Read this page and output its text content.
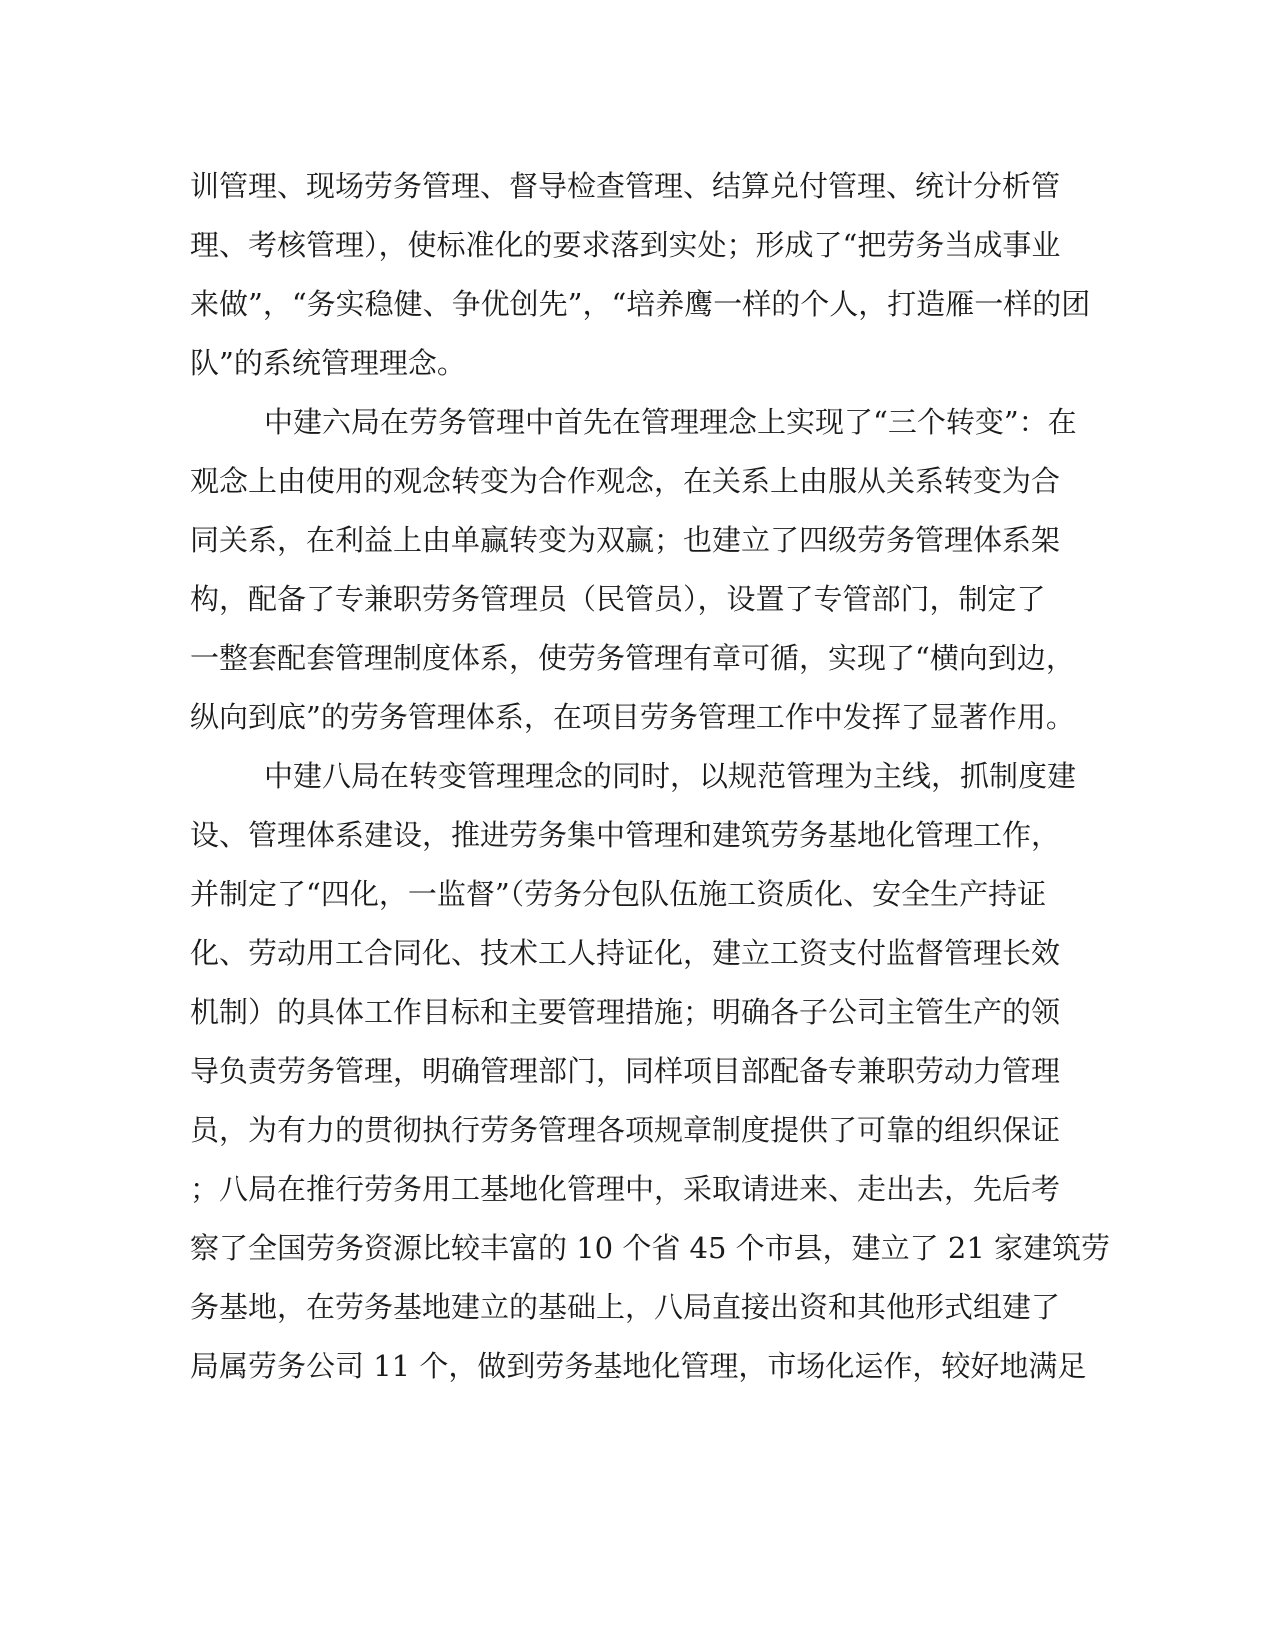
训管理、现场劳务管理、督导检查管理、结算兑付管理、统计分析管
理、考核管理），使标准化的要求落到实处；形成了“把劳务当成事业
来做”，“务实稳健、争优创先”，“培养鹰一样的个人，打造雁一样的团
队”的系统管理理念。
中建六局在劳务管理中首先在管理理念上实现了“三个转变”：在
观念上由使用的观念转变为合作观念，在关系上由服从关系转变为合
同关系，在利益上由单赢转变为双赢；也建立了四级劳务管理体系架
构，配备了专兼职劳务管理员（民管员），设置了专管部门，制定了
一整套配套管理制度体系，使劳务管理有章可循，实现了“横向到边，
纵向到底”的劳务管理体系，在项目劳务管理工作中发挥了显著作用。
中建八局在转变管理理念的同时，以规范管理为主线，抓制度建
设、管理体系建设，推进劳务集中管理和建筑劳务基地化管理工作，
并制定了“四化，一监督”（劳务分包队伍施工资质化、安全生产持证
化、劳动用工合同化、技术工人持证化，建立工资支付监督管理长效
机制）的具体工作目标和主要管理措施；明确各子公司主管生产的领
导负责劳务管理，明确管理部门，同样项目部配备专兼职劳动力管理
员，为有力的贯彻执行劳务管理各项规章制度提供了可靠的组织保证
；八局在推行劳务用工基地化管理中，采取请进来、走出去，先后考
察了全国劳务资源比较丰富的 10 个省 45 个市县，建立了 21 家建筑劳
务基地，在劳务基地建立的基础上，八局直接出资和其他形式组建了
局属劳务公司 11 个，做到劳务基地化管理，市场化运作，较好地满足
